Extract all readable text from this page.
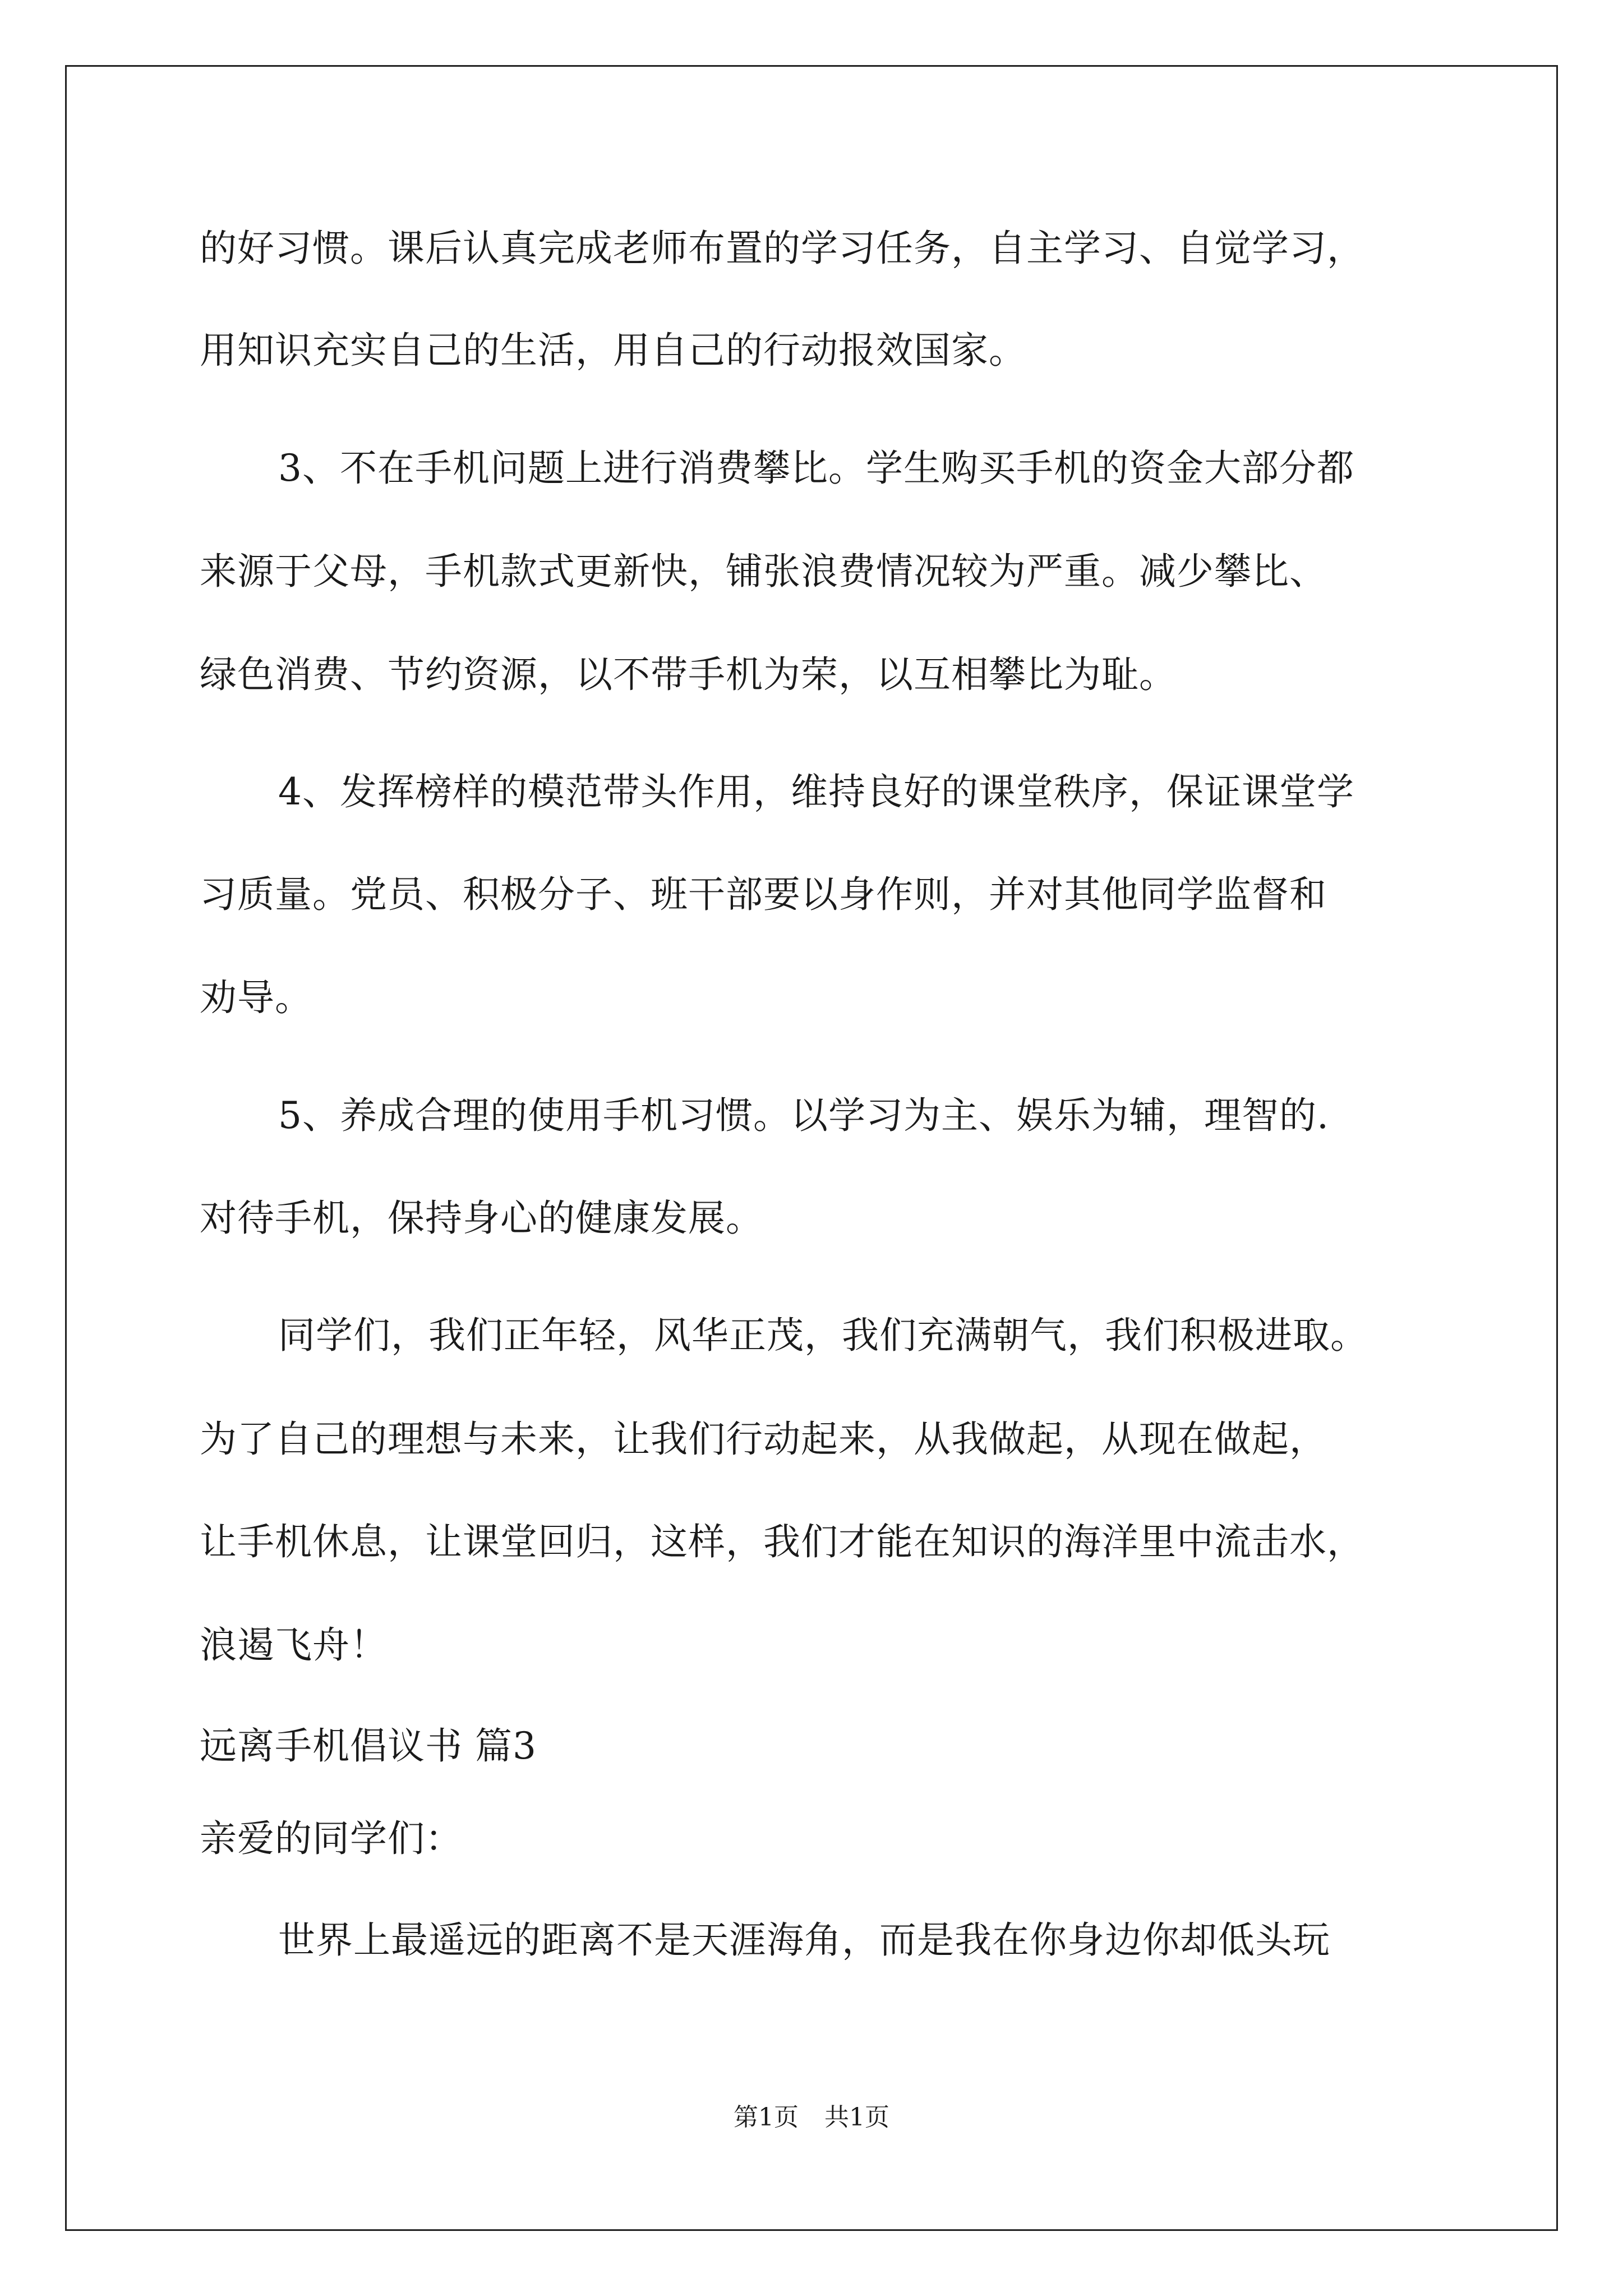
的好习惯。课后认真完成老师布置的学习任务，自主学习、自觉学习，
用知识充实自己的生活，用自己的行动报效国家。
3、不在手机问题上进行消费攀比。学生购买手机的资金大部分都
来源于父母，手机款式更新快，铺张浪费情况较为严重。减少攀比、
绿色消费、节约资源，以不带手机为荣，以互相攀比为耻。
4、发挥榜样的模范带头作用，维持良好的课堂秩序，保证课堂学
习质量。党员、积极分子、班干部要以身作则，并对其他同学监督和
劝导。
5、养成合理的使用手机习惯。以学习为主、娱乐为辅，理智的.
对待手机，保持身心的健康发展。
同学们，我们正年轻，风华正茂，我们充满朝气，我们积极进取。
为了自己的理想与未来，让我们行动起来，从我做起，从现在做起，
让手机休息，让课堂回归，这样，我们才能在知识的海洋里中流击水，
浪遏飞舟！
远离手机倡议书 篇3
亲爱的同学们：
世界上最遥远的距离不是天涯海角，而是我在你身边你却低头玩
第1页 共1页
